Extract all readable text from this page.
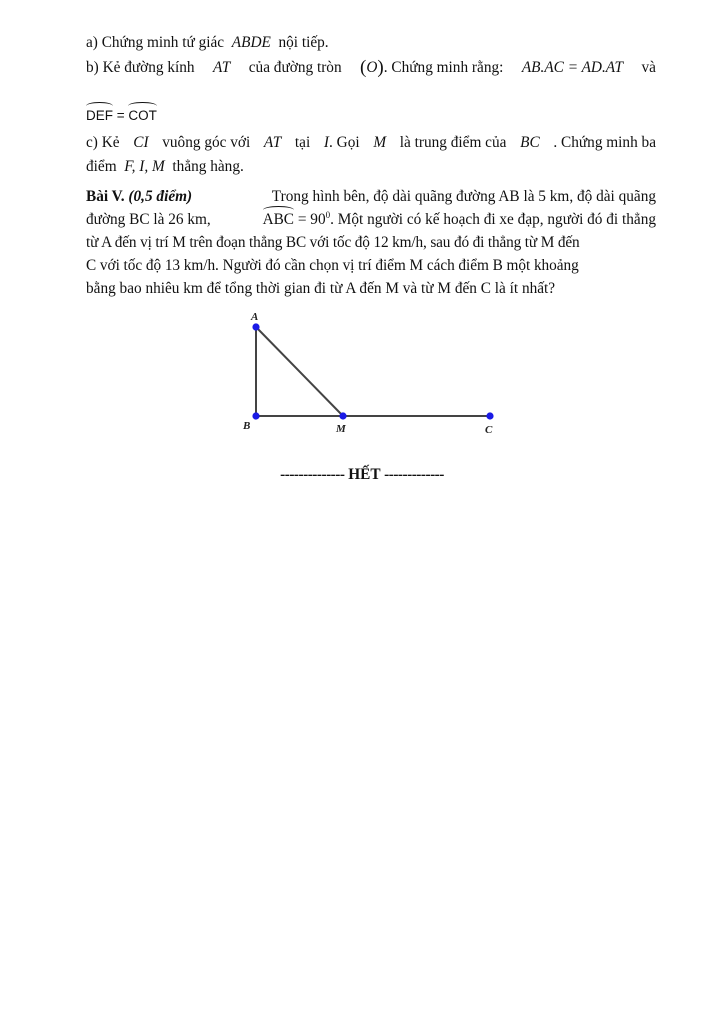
a) Chứng minh tứ giác ABDE nội tiếp.
b) Kẻ đường kính AT của đường tròn (O). Chứng minh rằng: AB.AC = AD.AT và
DEF = COT
c) Kẻ CI vuông góc với AT tại I. Gọi M là trung điểm của BC . Chứng minh ba
điểm F, I, M thẳng hàng.
Bài V. (0,5 điểm)	Trong hình bên, độ dài quãng đường AB là 5 km, độ dài quãng
đường BC là 26 km,	ABC = $90^0$. Một người có kế hoạch đi xe đạp, người đó đi thẳng
từ A đến vị trí M trên đoạn thẳng BC với tốc độ 12 km/h, sau đó đi thẳng từ M đến
C với tốc độ 13 km/h. Người đó cần chọn vị trí điểm M cách điểm B một khoảng
bằng bao nhiêu km để tổng thời gian đi từ A đến M và từ M đến C là ít nhất?
A
B	M	C
-------------- HẾT -------------
